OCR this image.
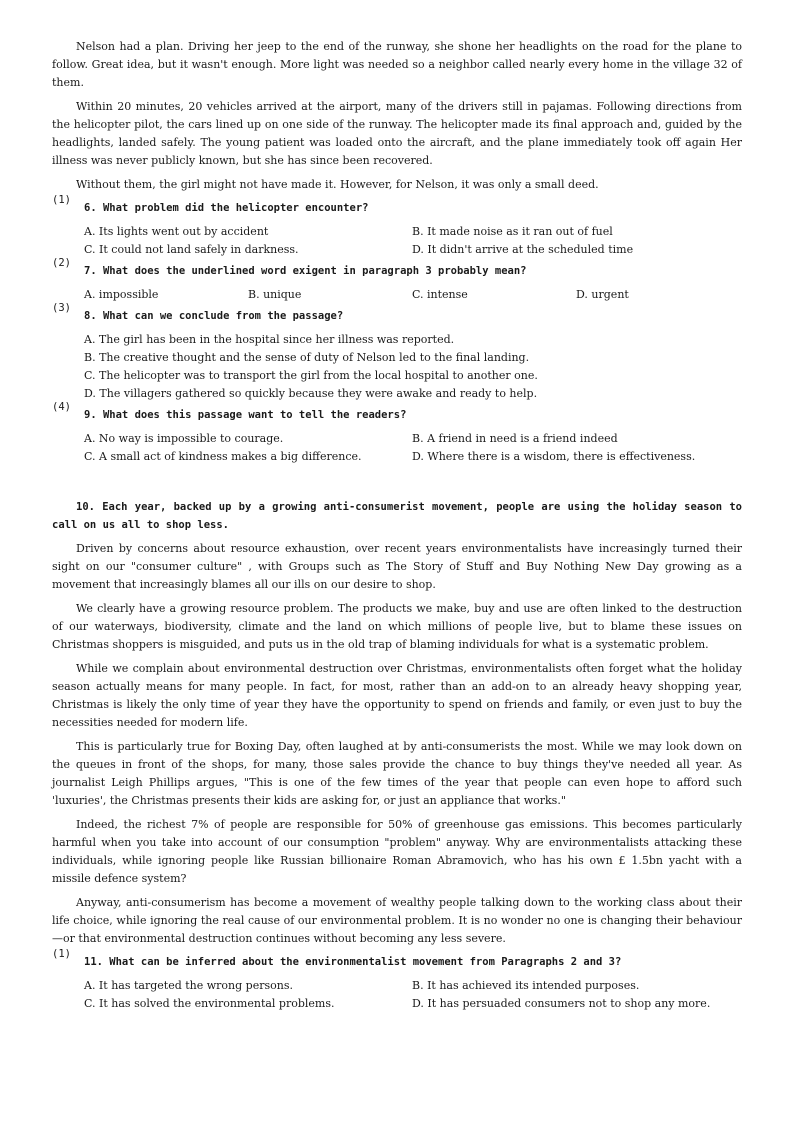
Nelson had a plan. Driving her jeep to the end of the runway, she shone her headlights on the road for the plane to follow. Great idea, but it wasn't enough. More light was needed so a neighbor called nearly every home in the village 32 of them.

Within 20 minutes, 20 vehicles arrived at the airport, many of the drivers still in pajamas. Following directions from the helicopter pilot, the cars lined up on one side of the runway. The helicopter made its final approach and, guided by the headlights, landed safely. The young patient was loaded onto the aircraft, and the plane immediately took off again Her illness was never publicly known, but she has since been recovered.

Without them, the girl might not have made it. However, for Nelson, it was only a small deed.

(1)
6. What problem did the helicopter encounter?
A. Its lights went out by accident	B. It made noise as it ran out of fuel
C. It could not land safely in darkness.	D. It didn't arrive at the scheduled time
(2)
7. What does the underlined word exigent in paragraph 3 probably mean?
A. impossible	B. unique	C. intense	D. urgent
(3)
8. What can we conclude from the passage?
A. The girl has been in the hospital since her illness was reported.
B. The creative thought and the sense of duty of Nelson led to the final landing.
C. The helicopter was to transport the girl from the local hospital to another one.
D. The villagers gathered so quickly because they were awake and ready to help.
(4)
9. What does this passage want to tell the readers?
A. No way is impossible to courage.	B. A friend in need is a friend indeed
C. A small act of kindness makes a big difference.	D. Where there is a wisdom, there is effectiveness.

10. Each year, backed up by a growing anti-consumerist movement, people are using the holiday season to call on us all to shop less.

Driven by concerns about resource exhaustion, over recent years environmentalists have increasingly turned their sight on our "consumer culture" , with Groups such as The Story of Stuff and Buy Nothing New Day growing as a movement that increasingly blames all our ills on our desire to shop.

We clearly have a growing resource problem. The products we make, buy and use are often linked to the destruction of our waterways, biodiversity, climate and the land on which millions of people live, but to blame these issues on Christmas shoppers is misguided, and puts us in the old trap of blaming individuals for what is a systematic problem.

While we complain about environmental destruction over Christmas, environmentalists often forget what the holiday season actually means for many people. In fact, for most, rather than an add-on to an already heavy shopping year, Christmas is likely the only time of year they have the opportunity to spend on friends and family, or even just to buy the necessities needed for modern life.

This is particularly true for Boxing Day, often laughed at by anti-consumerists the most. While we may look down on the queues in front of the shops, for many, those sales provide the chance to buy things they've needed all year. As journalist Leigh Phillips argues, "This is one of the few times of the year that people can even hope to afford such 'luxuries', the Christmas presents their kids are asking for, or just an appliance that works."

Indeed, the richest 7% of people are responsible for 50% of greenhouse gas emissions. This becomes particularly harmful when you take into account of our consumption "problem" anyway. Why are environmentalists attacking these individuals, while ignoring people like Russian billionaire Roman Abramovich, who has his own £ 1.5bn yacht with a missile defence system?

Anyway, anti-consumerism has become a movement of wealthy people talking down to the working class about their life choice, while ignoring the real cause of our environmental problem. It is no wonder no one is changing their behaviour—or that environmental destruction continues without becoming any less severe.

(1)
11. What can be inferred about the environmentalist movement from Paragraphs 2 and 3?
A. It has targeted the wrong persons.	B. It has achieved its intended purposes.
C. It has solved the environmental problems.	D. It has persuaded consumers not to shop any more.
